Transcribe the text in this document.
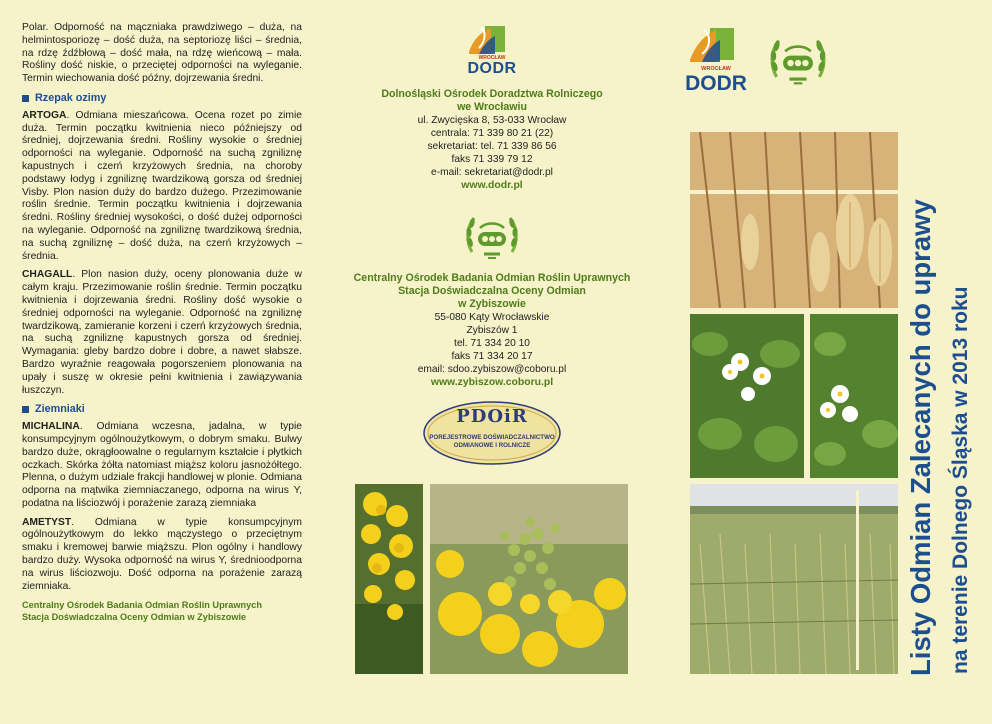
Polar. Odporność na mączniaka prawdziwego – duża, na helmintosporiozę – dość duża, na septoriozę liści – średnia, na rdzę źdźbłową – dość mała, na rdzę wieńcową – mała. Rośliny dość niskie, o przeciętej odporności na wyleganie. Termin wiechowania dość późny, dojrzewania średni.

Rzepak ozimy

ARTOGA. Odmiana mieszańcowa. Ocena rozet po zimie duża. Termin początku kwitnienia nieco późniejszy od średniej, dojrzewania średni. Rośliny wysokie o średniej odporności na wyleganie. Odporność na suchą zgniliznę kapustnych i czerń krzyżowych średnia, na choroby podstawy łodyg i zgniliznę twardzikową gorsza od średniej Visby. Plon nasion duży do bardzo dużego. Przezimowanie roślin średnie. Termin początku kwitnienia i dojrzewania średni. Rośliny średniej wysokości, o dość dużej odporności na wyleganie. Odporność na zgniliznę twardzikową średnia, na suchą zgniliznę – dość duża, na czerń krzyżowych – średnia.

CHAGALL. Plon nasion duży, oceny plonowania duże w całym kraju. Przezimowanie roślin średnie. Termin początku kwitnienia i dojrzewania średni. Rośliny dość wysokie o średniej odporności na wyleganie. Odporność na zgniliznę twardzikową, zamieranie korzeni i czerń krzyżowych średnia, na suchą zgniliznę kapustnych gorsza od średniej. Wymagania: gleby bardzo dobre i dobre, a nawet słabsze. Bardzo wyraźnie reagowała pogorszeniem plonowania na upały i suszę w okresie pełni kwitnienia i zawiązywania łuszczyn.

Ziemniaki

MICHALINA. Odmiana wczesna, jadalna, w typie konsumpcyjnym ogólnoużytkowym, o dobrym smaku. Bulwy bardzo duże, okrągłoowalne o regularnym kształcie i płytkich oczkach. Skórka żółta natomiast miąższ koloru jasnożółtego. Plenna, o dużym udziale frakcji handlowej w plonie. Odmiana odporna na mątwika ziemniaczanego, odporna na wirus Y, podatna na liściozwój i porażenie zarazą ziemniaka

AMETYST. Odmiana w typie konsumpcyjnym ogólnoużytkowym do lekko mączystego o przeciętnym smaku i kremowej barwie miąższu. Plon ogólny i handlowy bardzo duży. Wysoka odporność na wirus Y, średnioodporna na wirus liściozwoju. Dość odporna na porażenie zarazą ziemniaka.

Centralny Ośrodek Badania Odmian Roślin Uprawnych
Stacja Doświadczalna Oceny Odmian w Zybiszowie
WROCŁAW
DODR
Dolnośląski Ośrodek Doradztwa Rolniczego
we Wrocławiu
ul. Zwycięska 8, 53-033 Wrocław
centrala: 71 339 80 21 (22)
sekretariat: tel. 71 339 86 56
faks 71 339 79 12
e-mail: sekretariat@dodr.pl
www.dodr.pl
Centralny Ośrodek Badania Odmian Roślin Uprawnych
Stacja Doświadczalna Oceny Odmian
w Zybiszowie
55-080 Kąty Wrocławskie
Zybiszów 1
tel. 71 334 20 10
faks 71 334 20 17
email: sdoo.zybiszow@coboru.pl
www.zybiszow.coboru.pl
PDOiR
POREJESTROWE DOŚWIADCZALNICTWO
ODMIANOWE I ROLNICZE
WROCŁAW
DODR
Listy Odmian Zalecanych do uprawy na terenie Dolnego Śląska w 2013 roku
